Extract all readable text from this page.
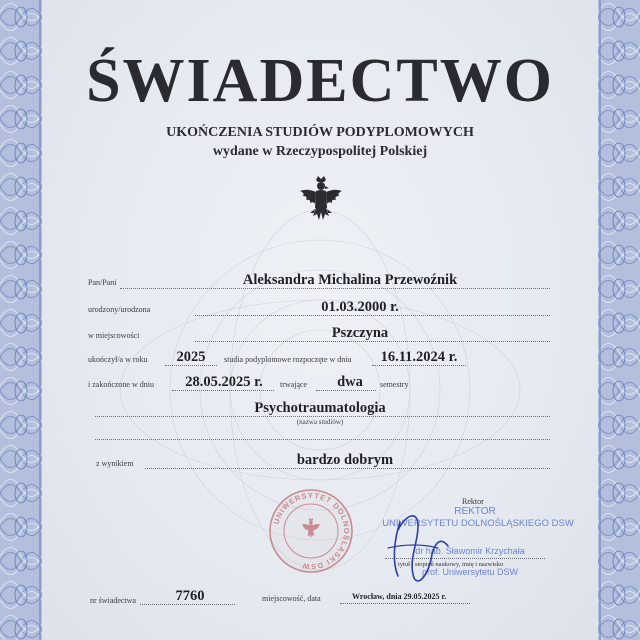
ŚWIADECTWO
UKOŃCZENIA STUDIÓW PODYPLOMOWYCH
wydane w Rzeczypospolitej Polskiej
Pan/Pani	Aleksandra Michalina Przewoźnik
urodzony/urodzona	01.03.2000 r.
w miejscowości	Pszczyna
ukończył/a w roku	2025	studia podyplomowe rozpoczęte w dniu	16.11.2024 r.
i zakończone w dniu	28.05.2025 r.	trwające	dwa	semestry
Psychotraumatologia
(nazwa studiów)
z wynikiem	bardzo dobrym
UNIWERSYTET DOLNOŚLĄSKI DSW
Rektor
REKTOR
UNIWERSYTETU DOLNOŚLĄSKIEGO DSW
dr hab. Sławomir Krzychała
tytuł i stopień naukowy, imię i nazwisko
prof. Uniwersytetu DSW
nr świadectwa	7760	miejscowość, data	Wrocław, dnia 29.05.2025 r.
